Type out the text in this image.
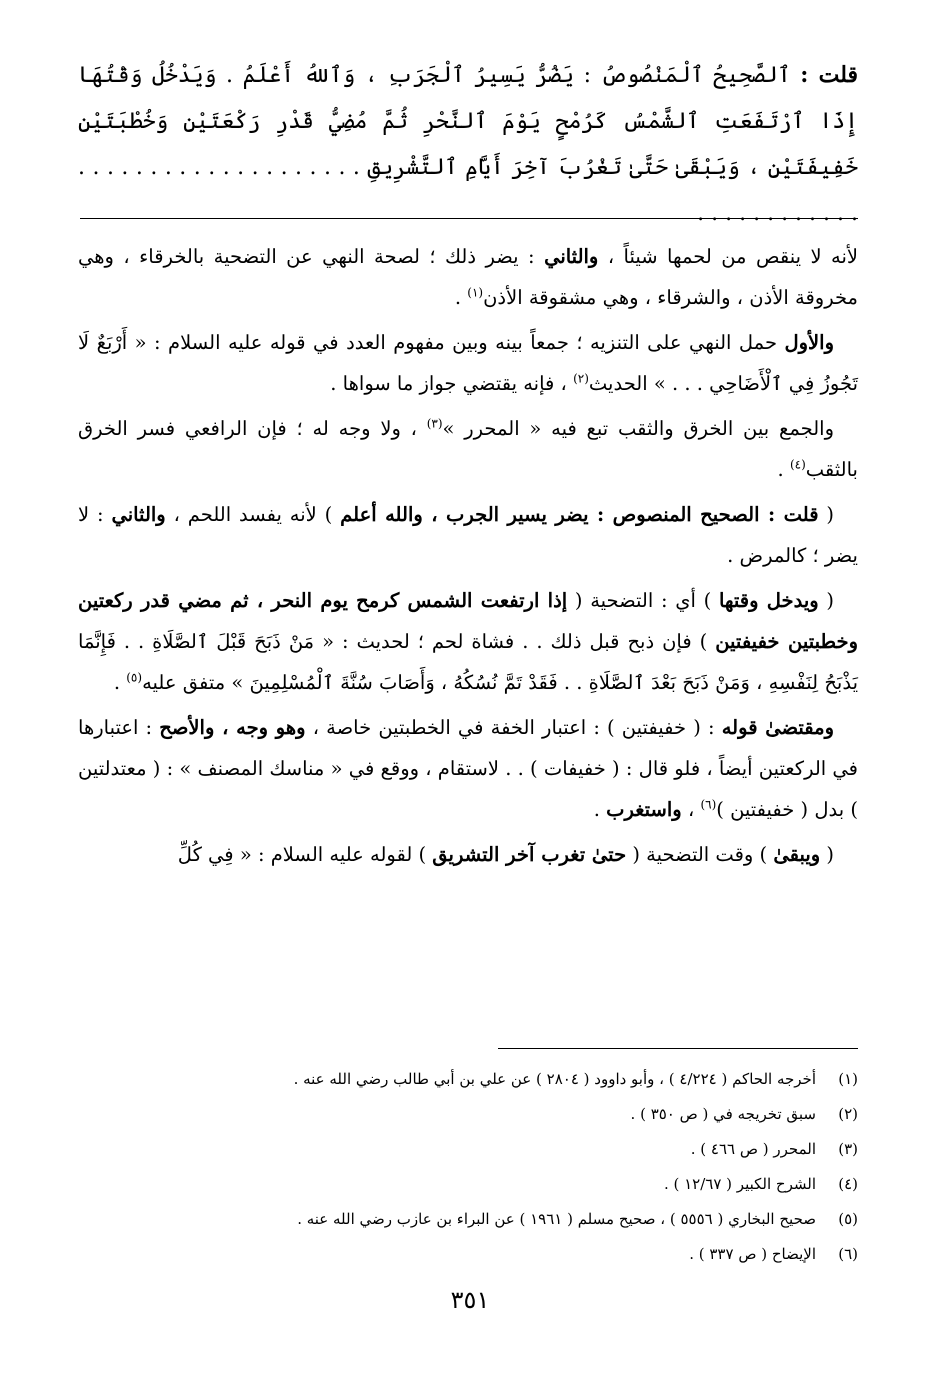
قلت : ٱلصَّحِيحُ ٱلْمَنْصُوصُ : يَضُرُّ يَسِيرُ ٱلْجَرَبِ ، وَٱللهُ أَعْلَمُ . وَيَدْخُلُ وَقْتُهَا إِذَا ٱرْتَفَعَتِ ٱلشَّمْسُ كَرُمْحٍ يَوْمَ ٱلنَّحْرِ ثُمَّ مُضِيُّ قَدْرِ رَكْعَتَيْنِ وَخُطْبَتَيْنِ خَفِيفَتَيْنِ ، وَيَبْقَىٰ حَتَّىٰ تَغْرُبَ آخِرَ أَيَّامِ ٱلتَّشْرِيقِ . . . . . . . . . . . . . . . . . . . . . . . . . . . . . . . .

لأنه لا ينقص من لحمها شيئاً ، والثاني : يضر ذلك ؛ لصحة النهي عن التضحية بالخرقاء ، وهي مخروقة الأذن ، والشرقاء ، وهي مشقوقة الأذن$^{(١)}$ .

والأول حمل النهي على التنزيه ؛ جمعاً بينه وبين مفهوم العدد في قوله عليه السلام : « أَرْبَعٌ لَا تَجُوزُ فِي ٱلْأَضَاحِي . . . » الحديث$^{(٢)}$ ، فإنه يقتضي جواز ما سواها .

والجمع بين الخرق والثقب تبع فيه « المحرر »$^{(٣)}$ ، ولا وجه له ؛ فإن الرافعي فسر الخرق بالثقب$^{(٤)}$ .

( قلت : الصحيح المنصوص : يضر يسير الجرب ، والله أعلم ) لأنه يفسد اللحم ، والثاني : لا يضر ؛ كالمرض .

( ويدخل وقتها ) أي : التضحية ( إذا ارتفعت الشمس كرمح يوم النحر ، ثم مضي قدر ركعتين وخطبتين خفيفتين ) فإن ذبح قبل ذلك . . فشاة لحم ؛ لحديث : « مَنْ ذَبَحَ قَبْلَ ٱلصَّلَاةِ . . فَإِنَّمَا يَذْبَحُ لِنَفْسِهِ ، وَمَنْ ذَبَحَ بَعْدَ ٱلصَّلَاةِ . . فَقَدْ تَمَّ نُسُكُهُ ، وَأَصَابَ سُنَّةَ ٱلْمُسْلِمِينَ » متفق عليه$^{(٥)}$ .

ومقتضىٰ قوله : ( خفيفتين ) : اعتبار الخفة في الخطبتين خاصة ، وهو وجه ، والأصح : اعتبارها في الركعتين أيضاً ، فلو قال : ( خفيفات ) . . لاستقام ، ووقع في « مناسك المصنف » : ( معتدلتين ) بدل ( خفيفتين )$^{(٦)}$ ، واستغرب .

( ويبقىٰ ) وقت التضحية ( حتىٰ تغرب آخر التشريق ) لقوله عليه السلام : « فِي كُلِّ

(١)
أخرجه الحاكم ( ٤/٢٢٤ ) ، وأبو داوود ( ٢٨٠٤ ) عن علي بن أبي طالب رضي الله عنه .
(٢)
سبق تخريجه في ( ص ٣٥٠ ) .
(٣)
المحرر ( ص ٤٦٦ ) .
(٤)
الشرح الكبير ( ١٢/٦٧ ) .
(٥)
صحيح البخاري ( ٥٥٥٦ ) ، صحيح مسلم ( ١٩٦١ ) عن البراء بن عازب رضي الله عنه .
(٦)
الإيضاح ( ص ٣٣٧ ) .
٣٥١
